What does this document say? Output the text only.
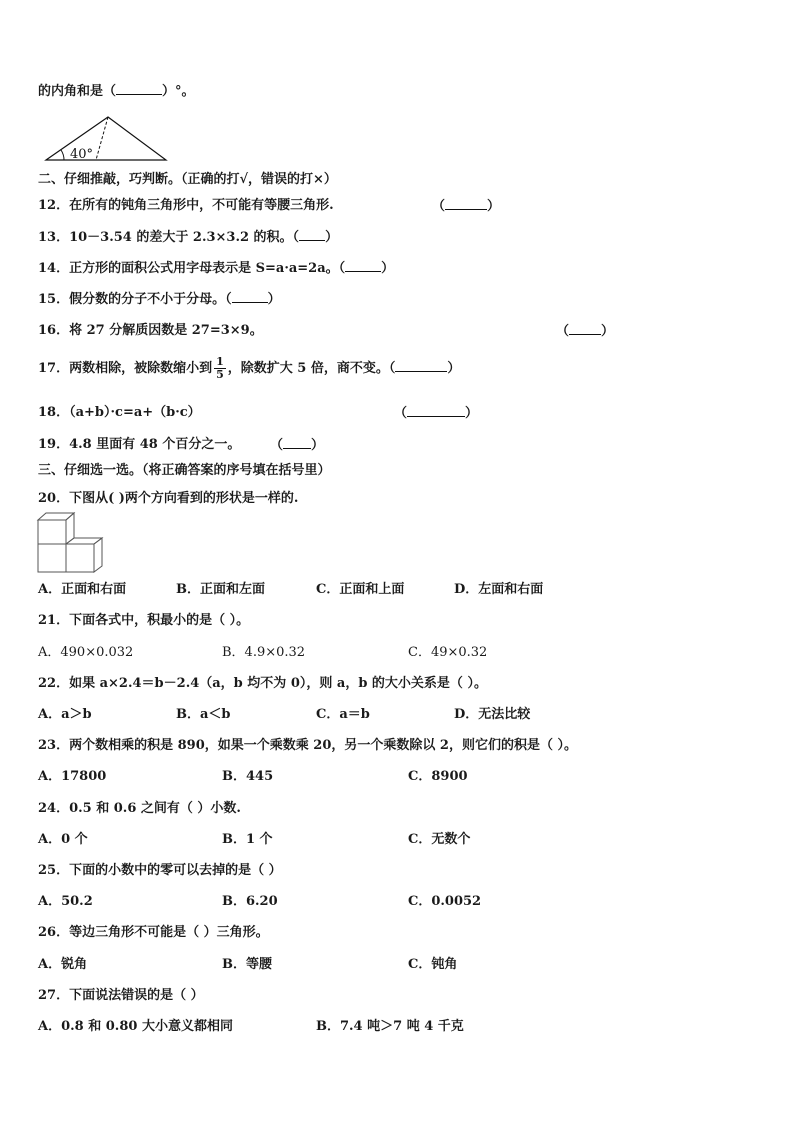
的内角和是（	）°。
40°
二、仔细推敲，巧判断。（正确的打√，错误的打×）
12．在所有的钝角三角形中，不可能有等腰三角形.	（	）
13．10－3.54 的差大于 2.3×3.2 的积。（ ）
14．正方形的面积公式用字母表示是 S=a·a=2a。（	）
15．假分数的分子不小于分母。（	）
16．将 27 分解质因数是 27=3×9。	（ ）
17．两数相除，被除数缩小到 $\frac{1}{5}$ ，除数扩大 5 倍，商不变。（	）
18．（a+b）·c=a+（b·c）	（	）
19．4.8 里面有 48 个百分之一。 （ ）
三、仔细选一选。（将正确答案的序号填在括号里）
20．下图从( )两个方向看到的形状是一样的.
A．正面和右面	B．正面和左面	C．正面和上面	D．左面和右面
21．下面各式中，积最小的是（ ）。
A．490×0.032	B．4.9×0.32	C．49×0.32
22．如果 a×2.4＝b－2.4（a，b 均不为 0），则 a，b 的大小关系是（ ）。
A．a＞b	B．a＜b	C．a＝b	D．无法比较
23．两个数相乘的积是 890，如果一个乘数乘 20，另一个乘数除以 2，则它们的积是（ ）。
A．17800	B．445	C．8900
24．0.5 和 0.6 之间有（ ）小数.
A．0 个	B．1 个	C．无数个
25．下面的小数中的零可以去掉的是（ ）
A．50.2	B．6.20	C．0.0052
26．等边三角形不可能是（ ）三角形。
A．锐角	B．等腰	C．钝角
27．下面说法错误的是（ ）
A．0.8 和 0.80 大小意义都相同	B．7.4 吨＞7 吨 4 千克
